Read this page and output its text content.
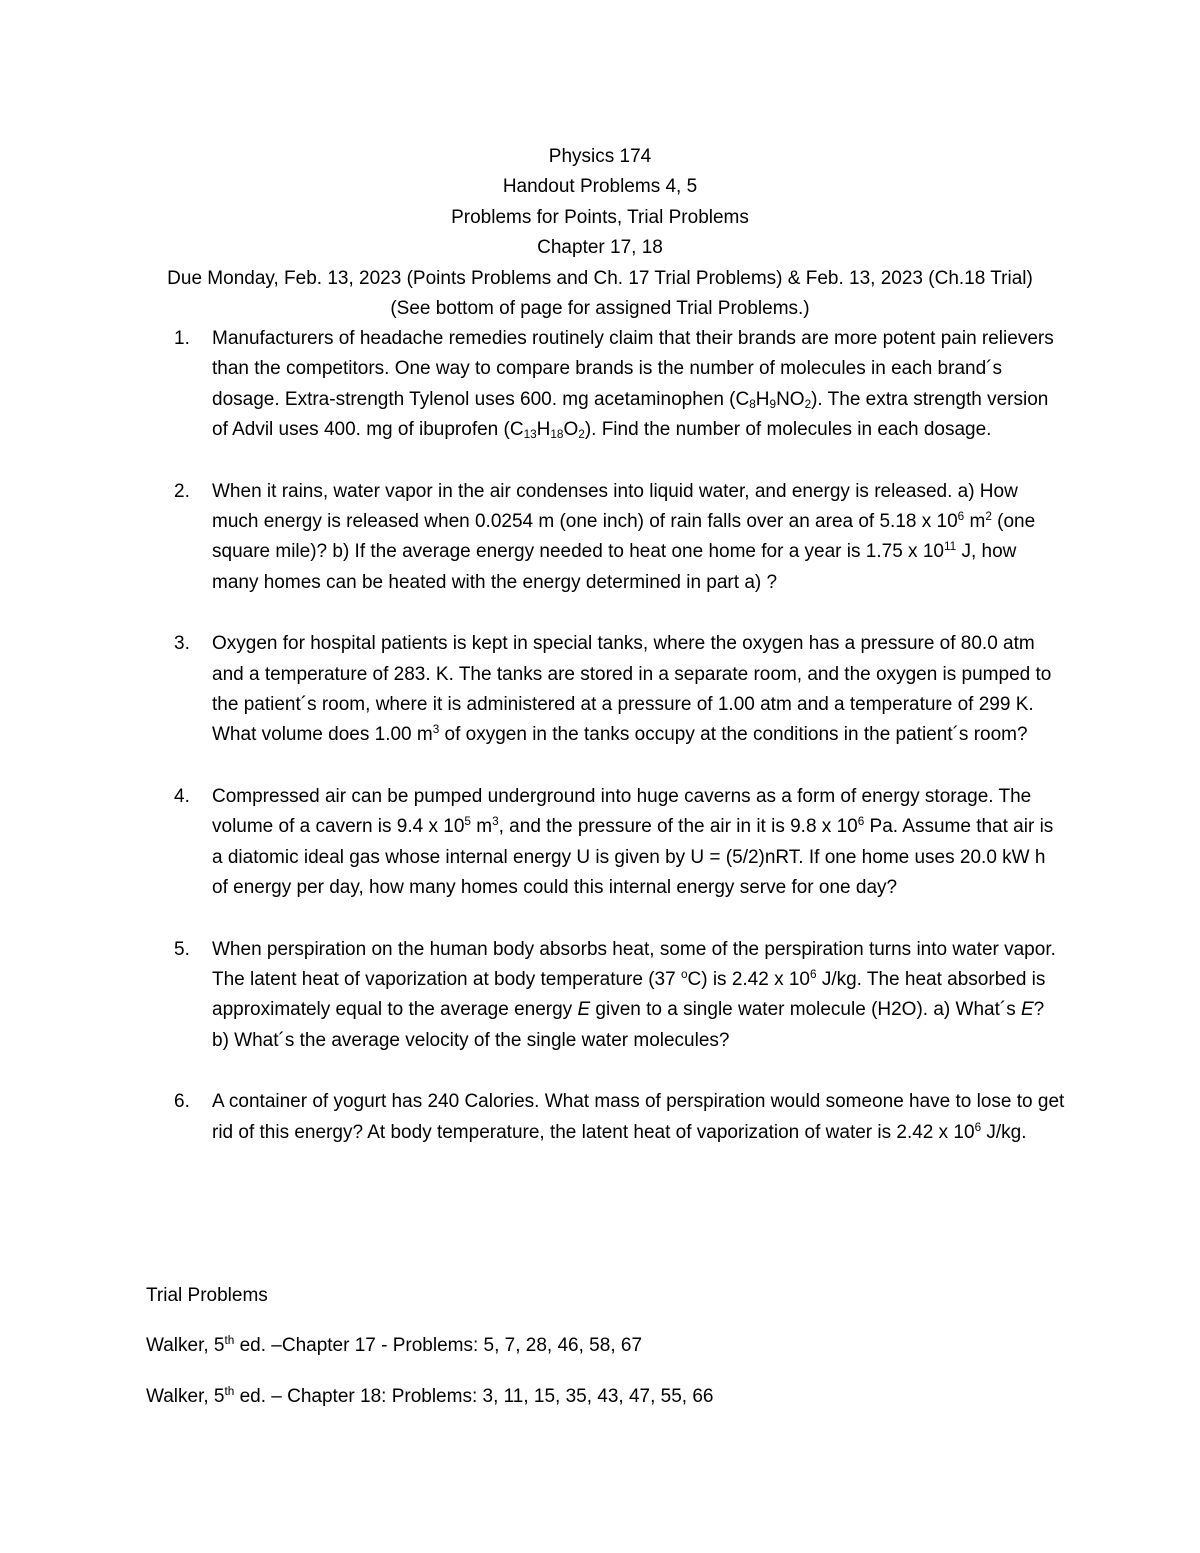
Physics 174
Handout Problems 4, 5
Problems for Points, Trial Problems
Chapter 17, 18
Due Monday, Feb. 13, 2023 (Points Problems and Ch. 17 Trial Problems) & Feb. 13, 2023 (Ch.18 Trial)
(See bottom of page for assigned Trial Problems.)
1. Manufacturers of headache remedies routinely claim that their brands are more potent pain relievers than the competitors. One way to compare brands is the number of molecules in each brand´s dosage. Extra-strength Tylenol uses 600. mg acetaminophen $(C_8H_9NO_2)$. The extra strength version of Advil uses 400. mg of ibuprofen $(C_{13}H_{18}O_2)$. Find the number of molecules in each dosage.
2. When it rains, water vapor in the air condenses into liquid water, and energy is released. a) How much energy is released when 0.0254 m (one inch) of rain falls over an area of 5.18 x $10^6$ $m^2$ (one square mile)? b) If the average energy needed to heat one home for a year is 1.75 x $10^{11}$ J, how many homes can be heated with the energy determined in part a) ?
3. Oxygen for hospital patients is kept in special tanks, where the oxygen has a pressure of 80.0 atm and a temperature of 283. K. The tanks are stored in a separate room, and the oxygen is pumped to the patient´s room, where it is administered at a pressure of 1.00 atm and a temperature of 299 K. What volume does 1.00 $m^3$ of oxygen in the tanks occupy at the conditions in the patient´s room?
4. Compressed air can be pumped underground into huge caverns as a form of energy storage. The volume of a cavern is 9.4 x $10^5$ $m^3$, and the pressure of the air in it is 9.8 x $10^6$ Pa. Assume that air is a diatomic ideal gas whose internal energy U is given by U = (5/2)nRT. If one home uses 20.0 kW h of energy per day, how many homes could this internal energy serve for one day?
5. When perspiration on the human body absorbs heat, some of the perspiration turns into water vapor. The latent heat of vaporization at body temperature (37 $^o$C) is 2.42 x $10^6$ J/kg. The heat absorbed is approximately equal to the average energy E given to a single water molecule (H2O). a) What´s E? b) What´s the average velocity of the single water molecules?
6. A container of yogurt has 240 Calories. What mass of perspiration would someone have to lose to get rid of this energy? At body temperature, the latent heat of vaporization of water is 2.42 x $10^6$ J/kg.
Trial Problems
Walker, 5th ed. –Chapter 17 - Problems: 5, 7, 28, 46, 58, 67
Walker, 5th ed. – Chapter 18: Problems: 3, 11, 15, 35, 43, 47, 55, 66
